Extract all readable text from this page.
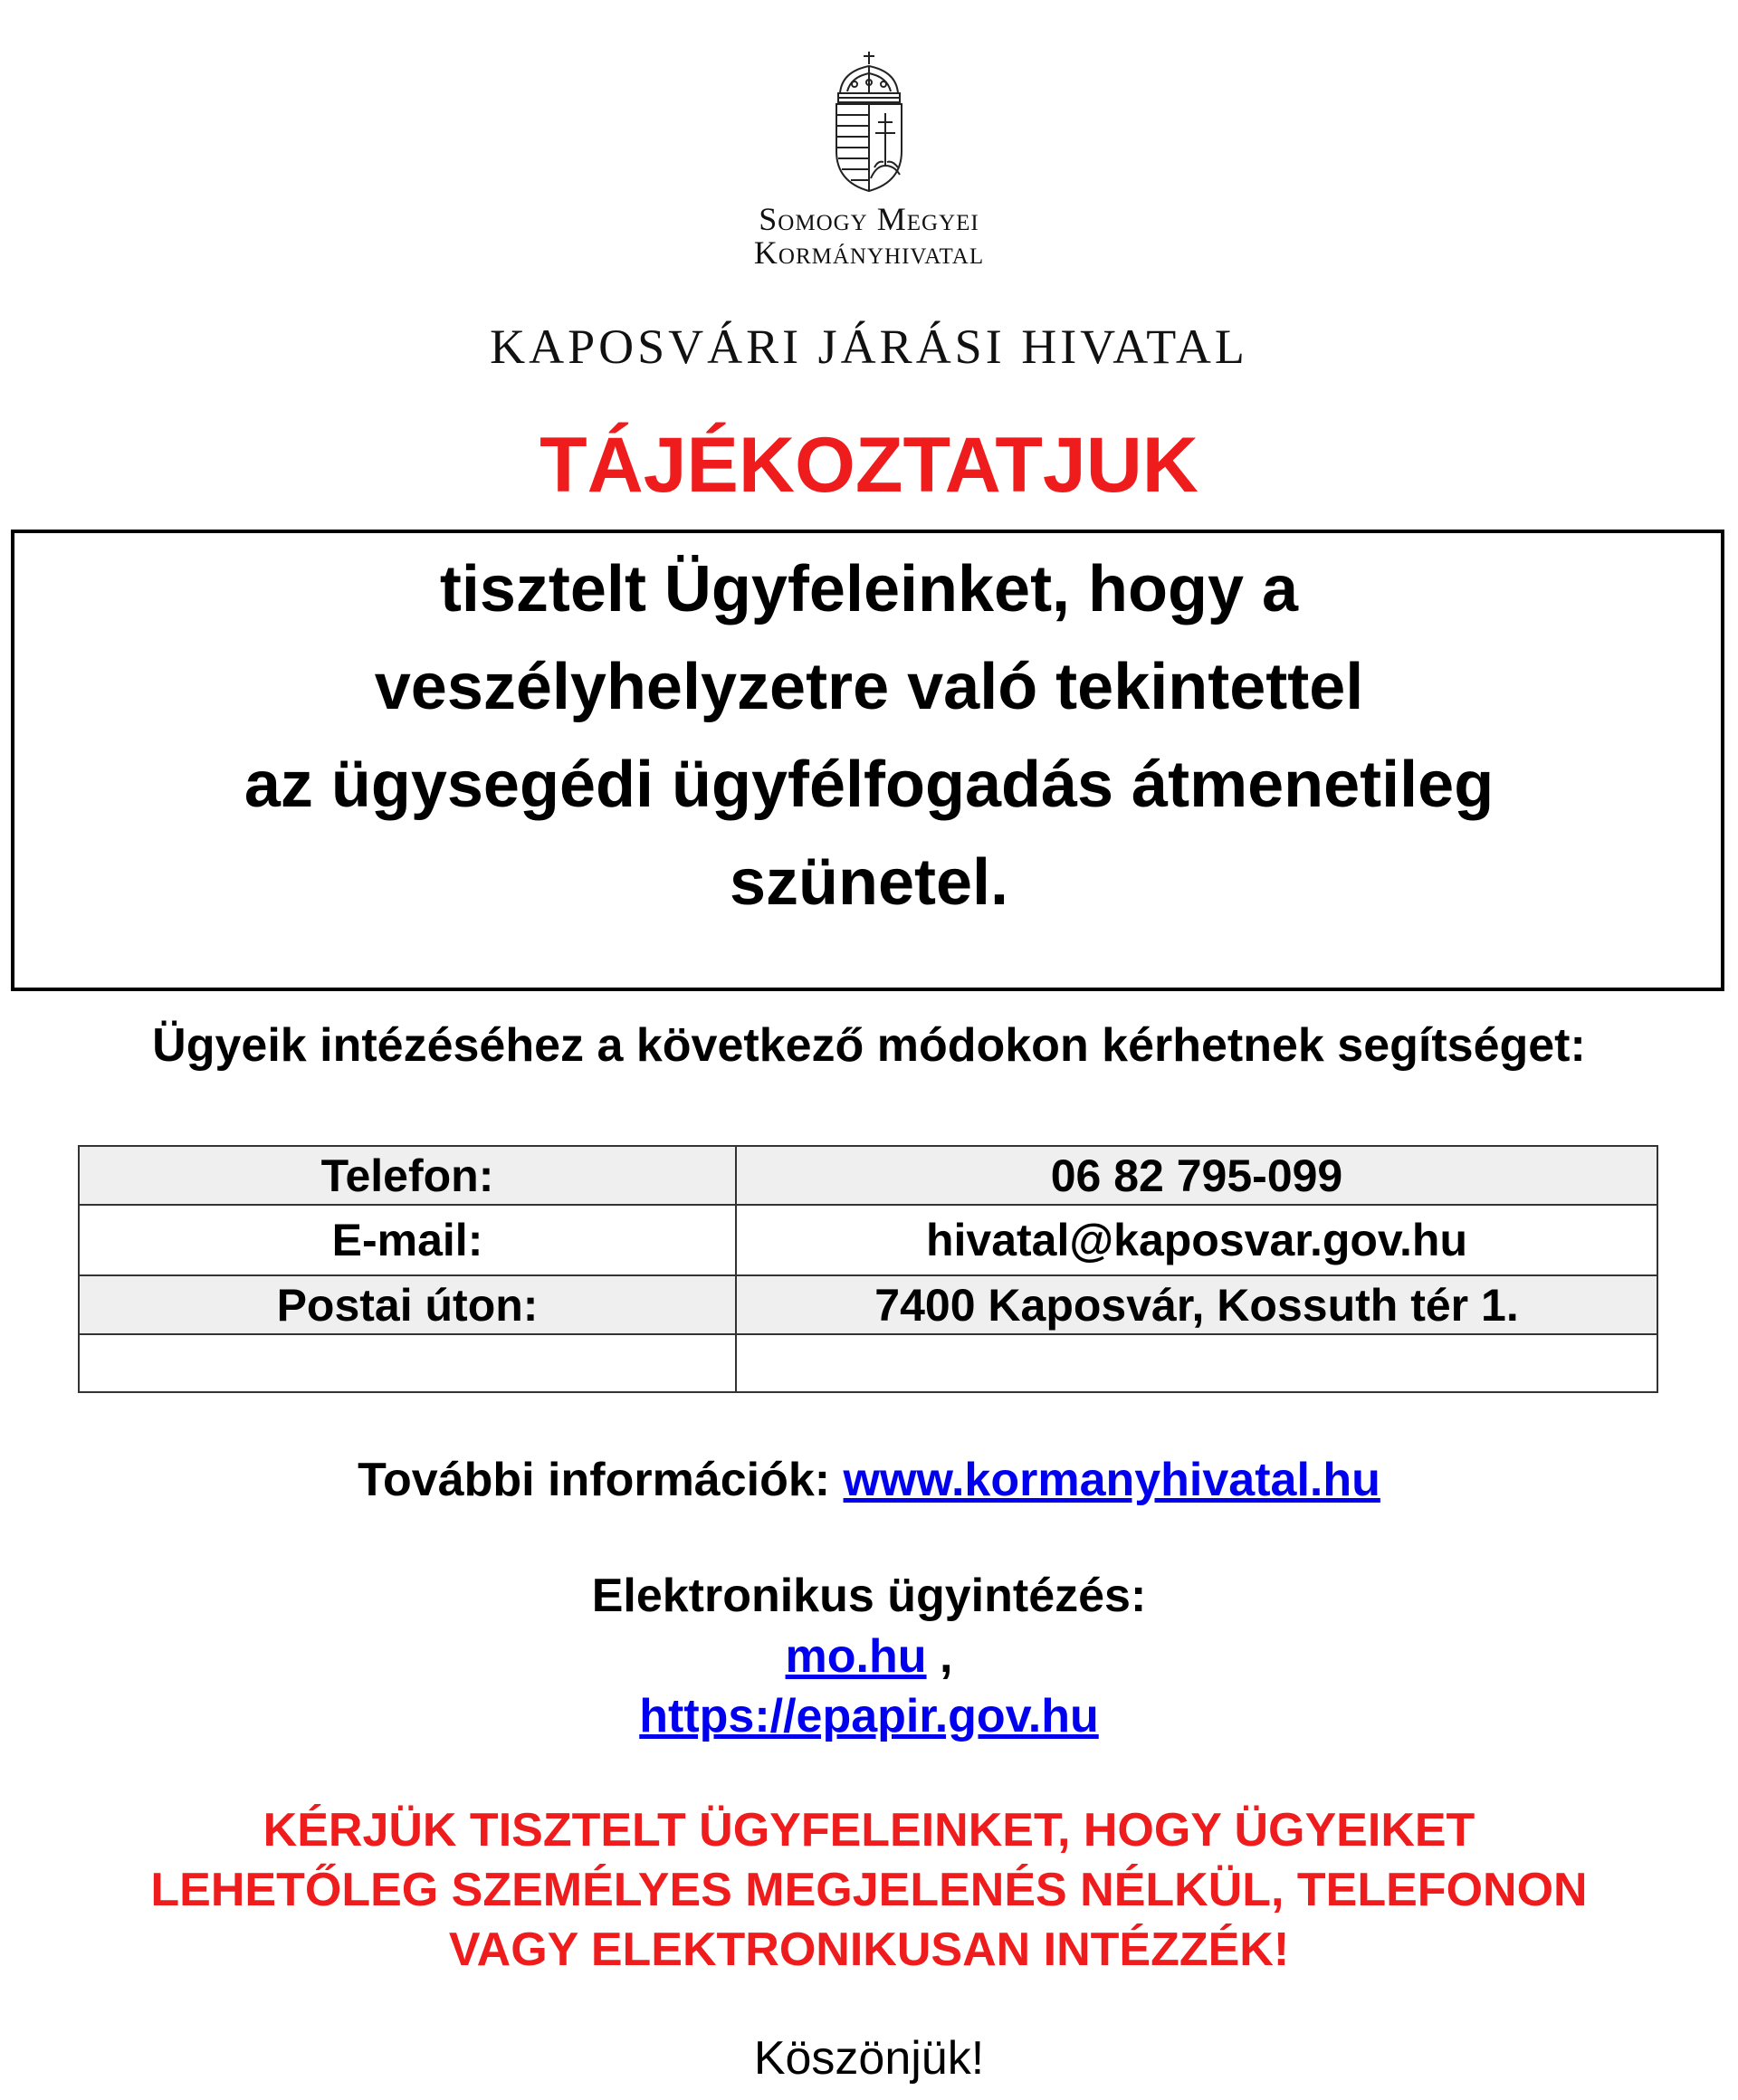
Somogy Megyei
Kormányhivatal
KAPOSVÁRI JÁRÁSI HIVATAL
TÁJÉKOZTATJUK
tisztelt Ügyfeleinket, hogy a
veszélyhelyzetre való tekintettel
az ügysegédi ügyfélfogadás átmenetileg
szünetel.
Ügyeik intézéséhez a következő módokon kérhetnek segítséget:
Telefon:	06 82 795-099
E-mail:	hivatal@kaposvar.gov.hu
Postai úton:	7400 Kaposvár, Kossuth tér 1.

További információk: www.kormanyhivatal.hu
Elektronikus ügyintézés:
mo.hu ,
https://epapir.gov.hu
KÉRJÜK TISZTELT ÜGYFELEINKET, HOGY ÜGYEIKET
LEHETŐLEG SZEMÉLYES MEGJELENÉS NÉLKÜL, TELEFONON
VAGY ELEKTRONIKUSAN INTÉZZÉK!
Köszönjük!
